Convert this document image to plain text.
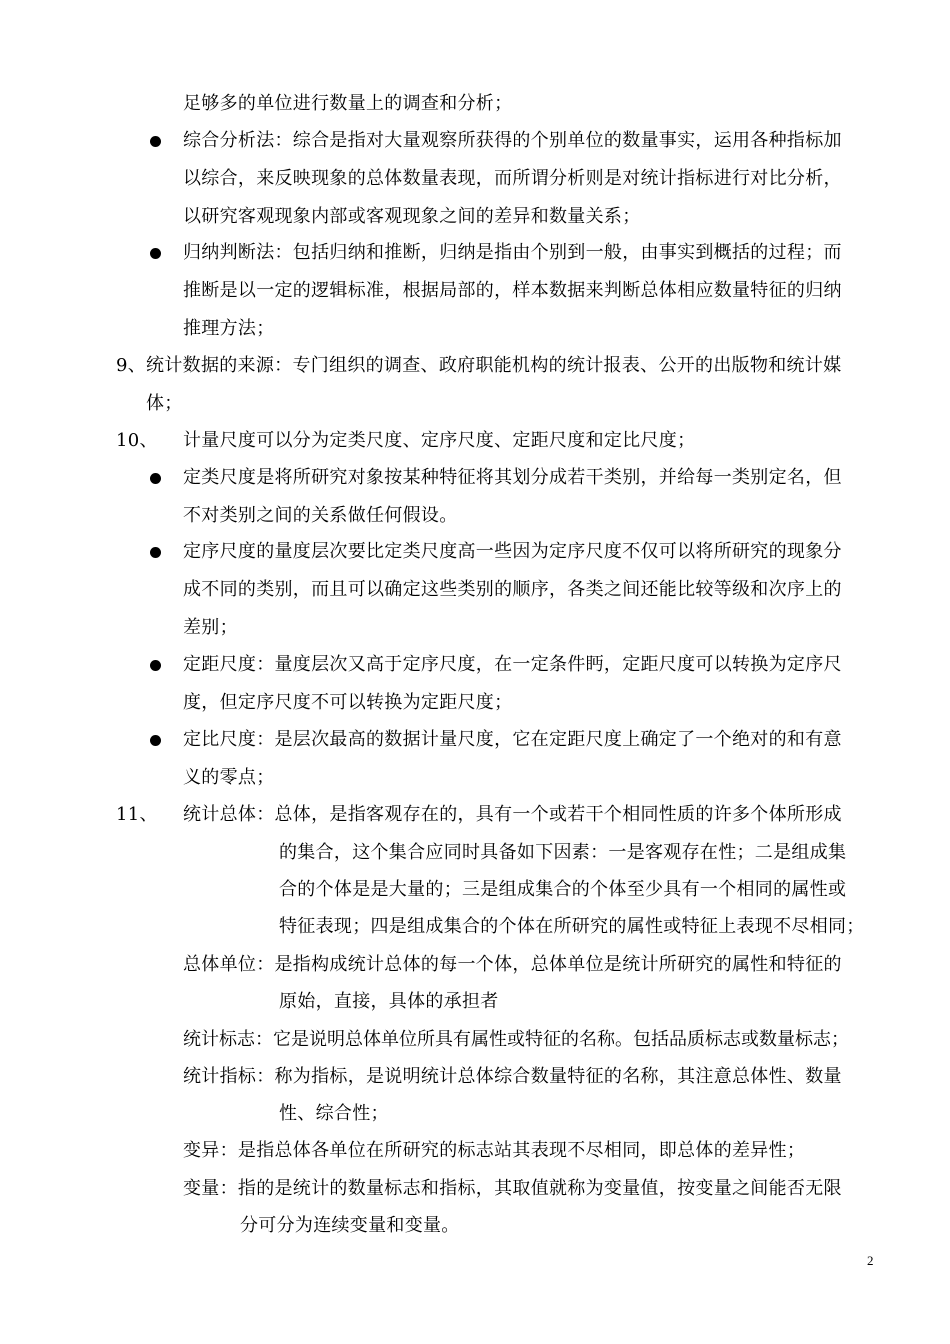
足够多的单位进行数量上的调查和分析；
综合分析法：综合是指对大量观察所获得的个别单位的数量事实，运用各种指标加
以综合，来反映现象的总体数量表现，而所谓分析则是对统计指标进行对比分析，
以研究客观现象内部或客观现象之间的差异和数量关系；
归纳判断法：包括归纳和推断，归纳是指由个别到一般，由事实到概括的过程；而
推断是以一定的逻辑标准，根据局部的，样本数据来判断总体相应数量特征的归纳
推理方法；
9、统计数据的来源：专门组织的调查、政府职能机构的统计报表、公开的出版物和统计媒
体；
10、 计量尺度可以分为定类尺度、定序尺度、定距尺度和定比尺度；
定类尺度是将所研究对象按某种特征将其划分成若干类别，并给每一类别定名，但
不对类别之间的关系做任何假设。
定序尺度的量度层次要比定类尺度高一些因为定序尺度不仅可以将所研究的现象分
成不同的类别，而且可以确定这些类别的顺序，各类之间还能比较等级和次序上的
差别；
定距尺度：量度层次又高于定序尺度，在一定条件眄，定距尺度可以转换为定序尺
度，但定序尺度不可以转换为定距尺度；
定比尺度：是层次最高的数据计量尺度，它在定距尺度上确定了一个绝对的和有意
义的零点；
11、 统计总体：总体，是指客观存在的，具有一个或若干个相同性质的许多个体所形成
的集合，这个集合应同时具备如下因素：一是客观存在性；二是组成集
合的个体是是大量的；三是组成集合的个体至少具有一个相同的属性或
特征表现；四是组成集合的个体在所研究的属性或特征上表现不尽相同；
总体单位：是指构成统计总体的每一个体，总体单位是统计所研究的属性和特征的
原始，直接，具体的承担者
统计标志：它是说明总体单位所具有属性或特征的名称。包括品质标志或数量标志；
统计指标：称为指标，是说明统计总体综合数量特征的名称，其注意总体性、数量
性、综合性；
变异：是指总体各单位在所研究的标志站其表现不尽相同，即总体的差异性；
变量：指的是统计的数量标志和指标，其取值就称为变量值，按变量之间能否无限
分可分为连续变量和变量。
2
